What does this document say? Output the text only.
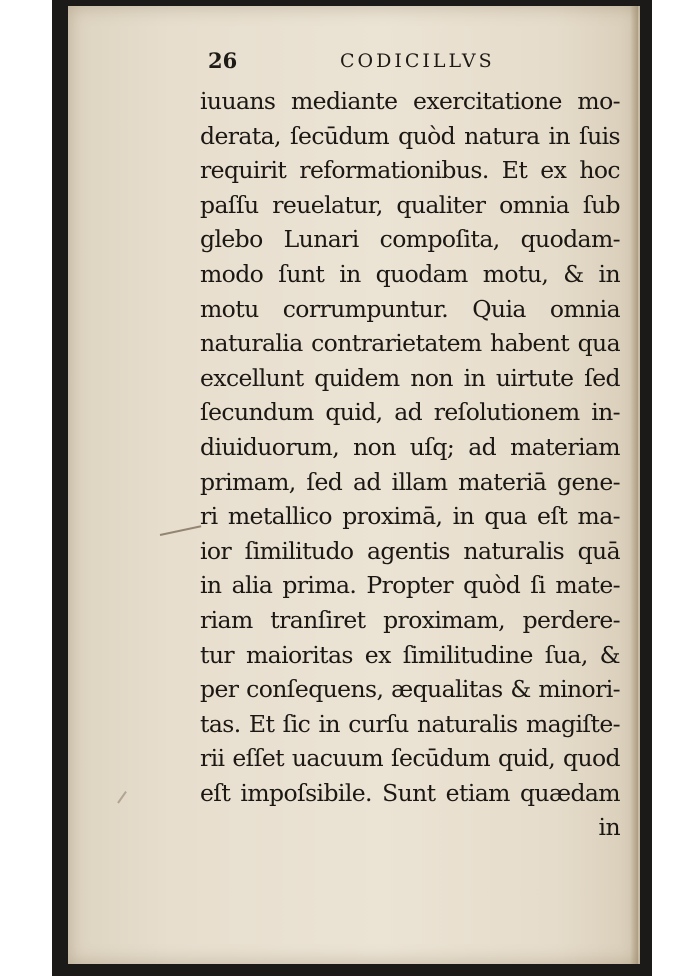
26	CODICILLVS
iuuans mediante exercitatione mo-
derata, ſecūdum quòd natura in ſuis
requirit reformationibus. Et ex hoc
paſſu reuelatur, qualiter omnia ſub
glebo Lunari compoſita, quodam-
modo ſunt in quodam motu, & in
motu corrumpuntur. Quia omnia
naturalia contrarietatem habent qua
excellunt quidem non in uirtute ſed
ſecundum quid, ad reſolutionem in-
diuiduorum, non uſq; ad materiam
primam, ſed ad illam materiā gene-
ri metallico proximā, in qua eſt ma-
ior ſimilitudo agentis naturalis quā
in alia prima. Propter quòd ſi mate-
riam tranſiret proximam, perdere-
tur maioritas ex ſimilitudine ſua, &
per conſequens, æqualitas & minori-
tas. Et ſic in curſu naturalis magiſte-
rii eſſet uacuum ſecūdum quid, quod
eſt impoſsibile. Sunt etiam quædam
in
